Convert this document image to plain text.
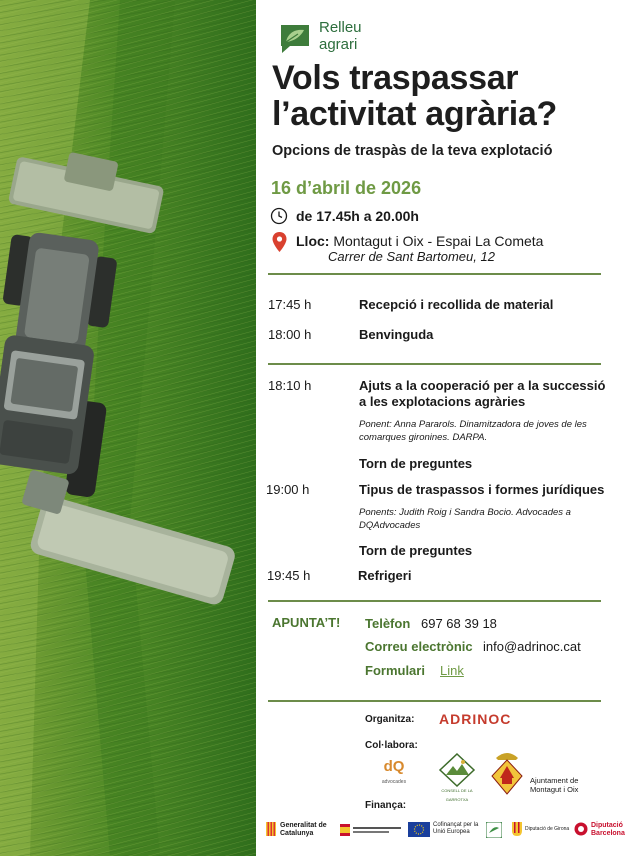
Relleu agrari
Vols traspassar l’activitat agrària?
Opcions de traspàs de la teva explotació
16 d’abril de 2026
de 17.45h a 20.00h
Lloc: Montagut i Oix - Espai La Cometa
Carrer de Sant Bartomeu, 12
17:45 h	Recepció i recollida de material
18:00 h	Benvinguda
18:10 h	Ajuts a la cooperació per a la successió a les explotacions agràries
Ponent: Anna Pararols. Dinamitzadora de joves de les comarques gironines. DARPA.
Torn de preguntes
19:00 h	Tipus de traspassos i formes jurídiques
Ponents: Judith Roig i Sandra Bocio. Advocades a DQAdvocades
Torn de preguntes
19:45 h	Refrigeri
APUNTA’T! Telèfon 697 68 39 18
Correu electrònic info@adrinoc.cat
Formulari Link
Organitza: ADRINOC
Col·labora:
dQ
advocades
CONSELL DE LA GARROTXA
Ajuntament de Montagut i Oix
Finança:
Generalitat de Catalunya
Cofinançat per la Unió Europea	Diputació de Girona	Diputació Barcelona
